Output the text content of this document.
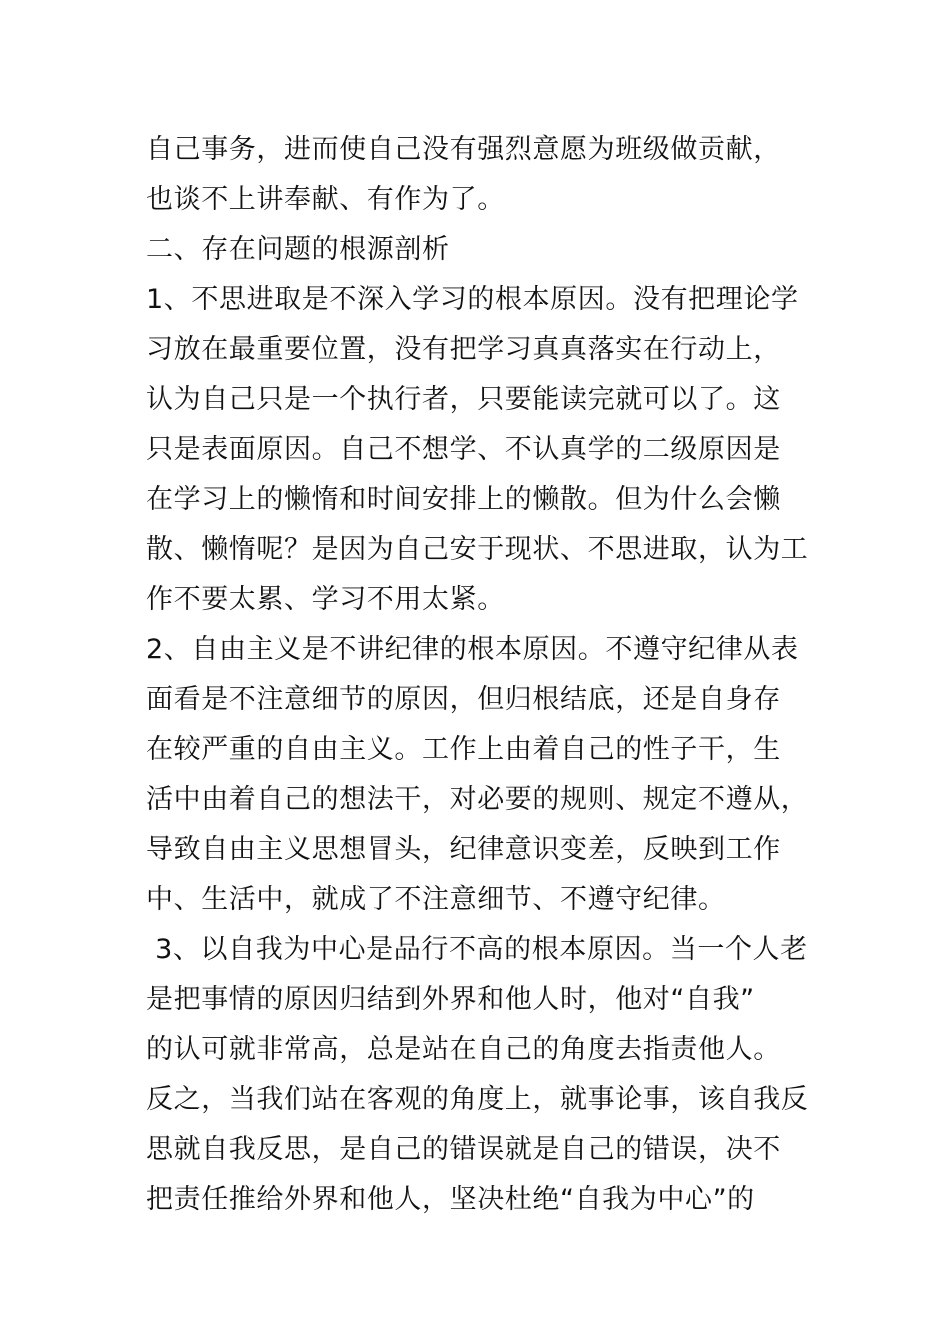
自己事务，进而使自己没有强烈意愿为班级做贡献，
也谈不上讲奉献、有作为了。
二、存在问题的根源剖析
1、不思进取是不深入学习的根本原因。没有把理论学
习放在最重要位置，没有把学习真真落实在行动上，
认为自己只是一个执行者，只要能读完就可以了。这
只是表面原因。自己不想学、不认真学的二级原因是
在学习上的懒惰和时间安排上的懒散。但为什么会懒
散、懒惰呢？是因为自己安于现状、不思进取，认为工
作不要太累、学习不用太紧。
2、自由主义是不讲纪律的根本原因。不遵守纪律从表
面看是不注意细节的原因，但归根结底，还是自身存
在较严重的自由主义。工作上由着自己的性子干，生
活中由着自己的想法干，对必要的规则、规定不遵从，
导致自由主义思想冒头，纪律意识变差，反映到工作
中、生活中，就成了不注意细节、不遵守纪律。
3、以自我为中心是品行不高的根本原因。当一个人老
是把事情的原因归结到外界和他人时，他对“自我”
的认可就非常高，总是站在自己的角度去指责他人。
反之，当我们站在客观的角度上，就事论事，该自我反
思就自我反思，是自己的错误就是自己的错误，决不
把责任推给外界和他人，坚决杜绝“自我为中心”的
